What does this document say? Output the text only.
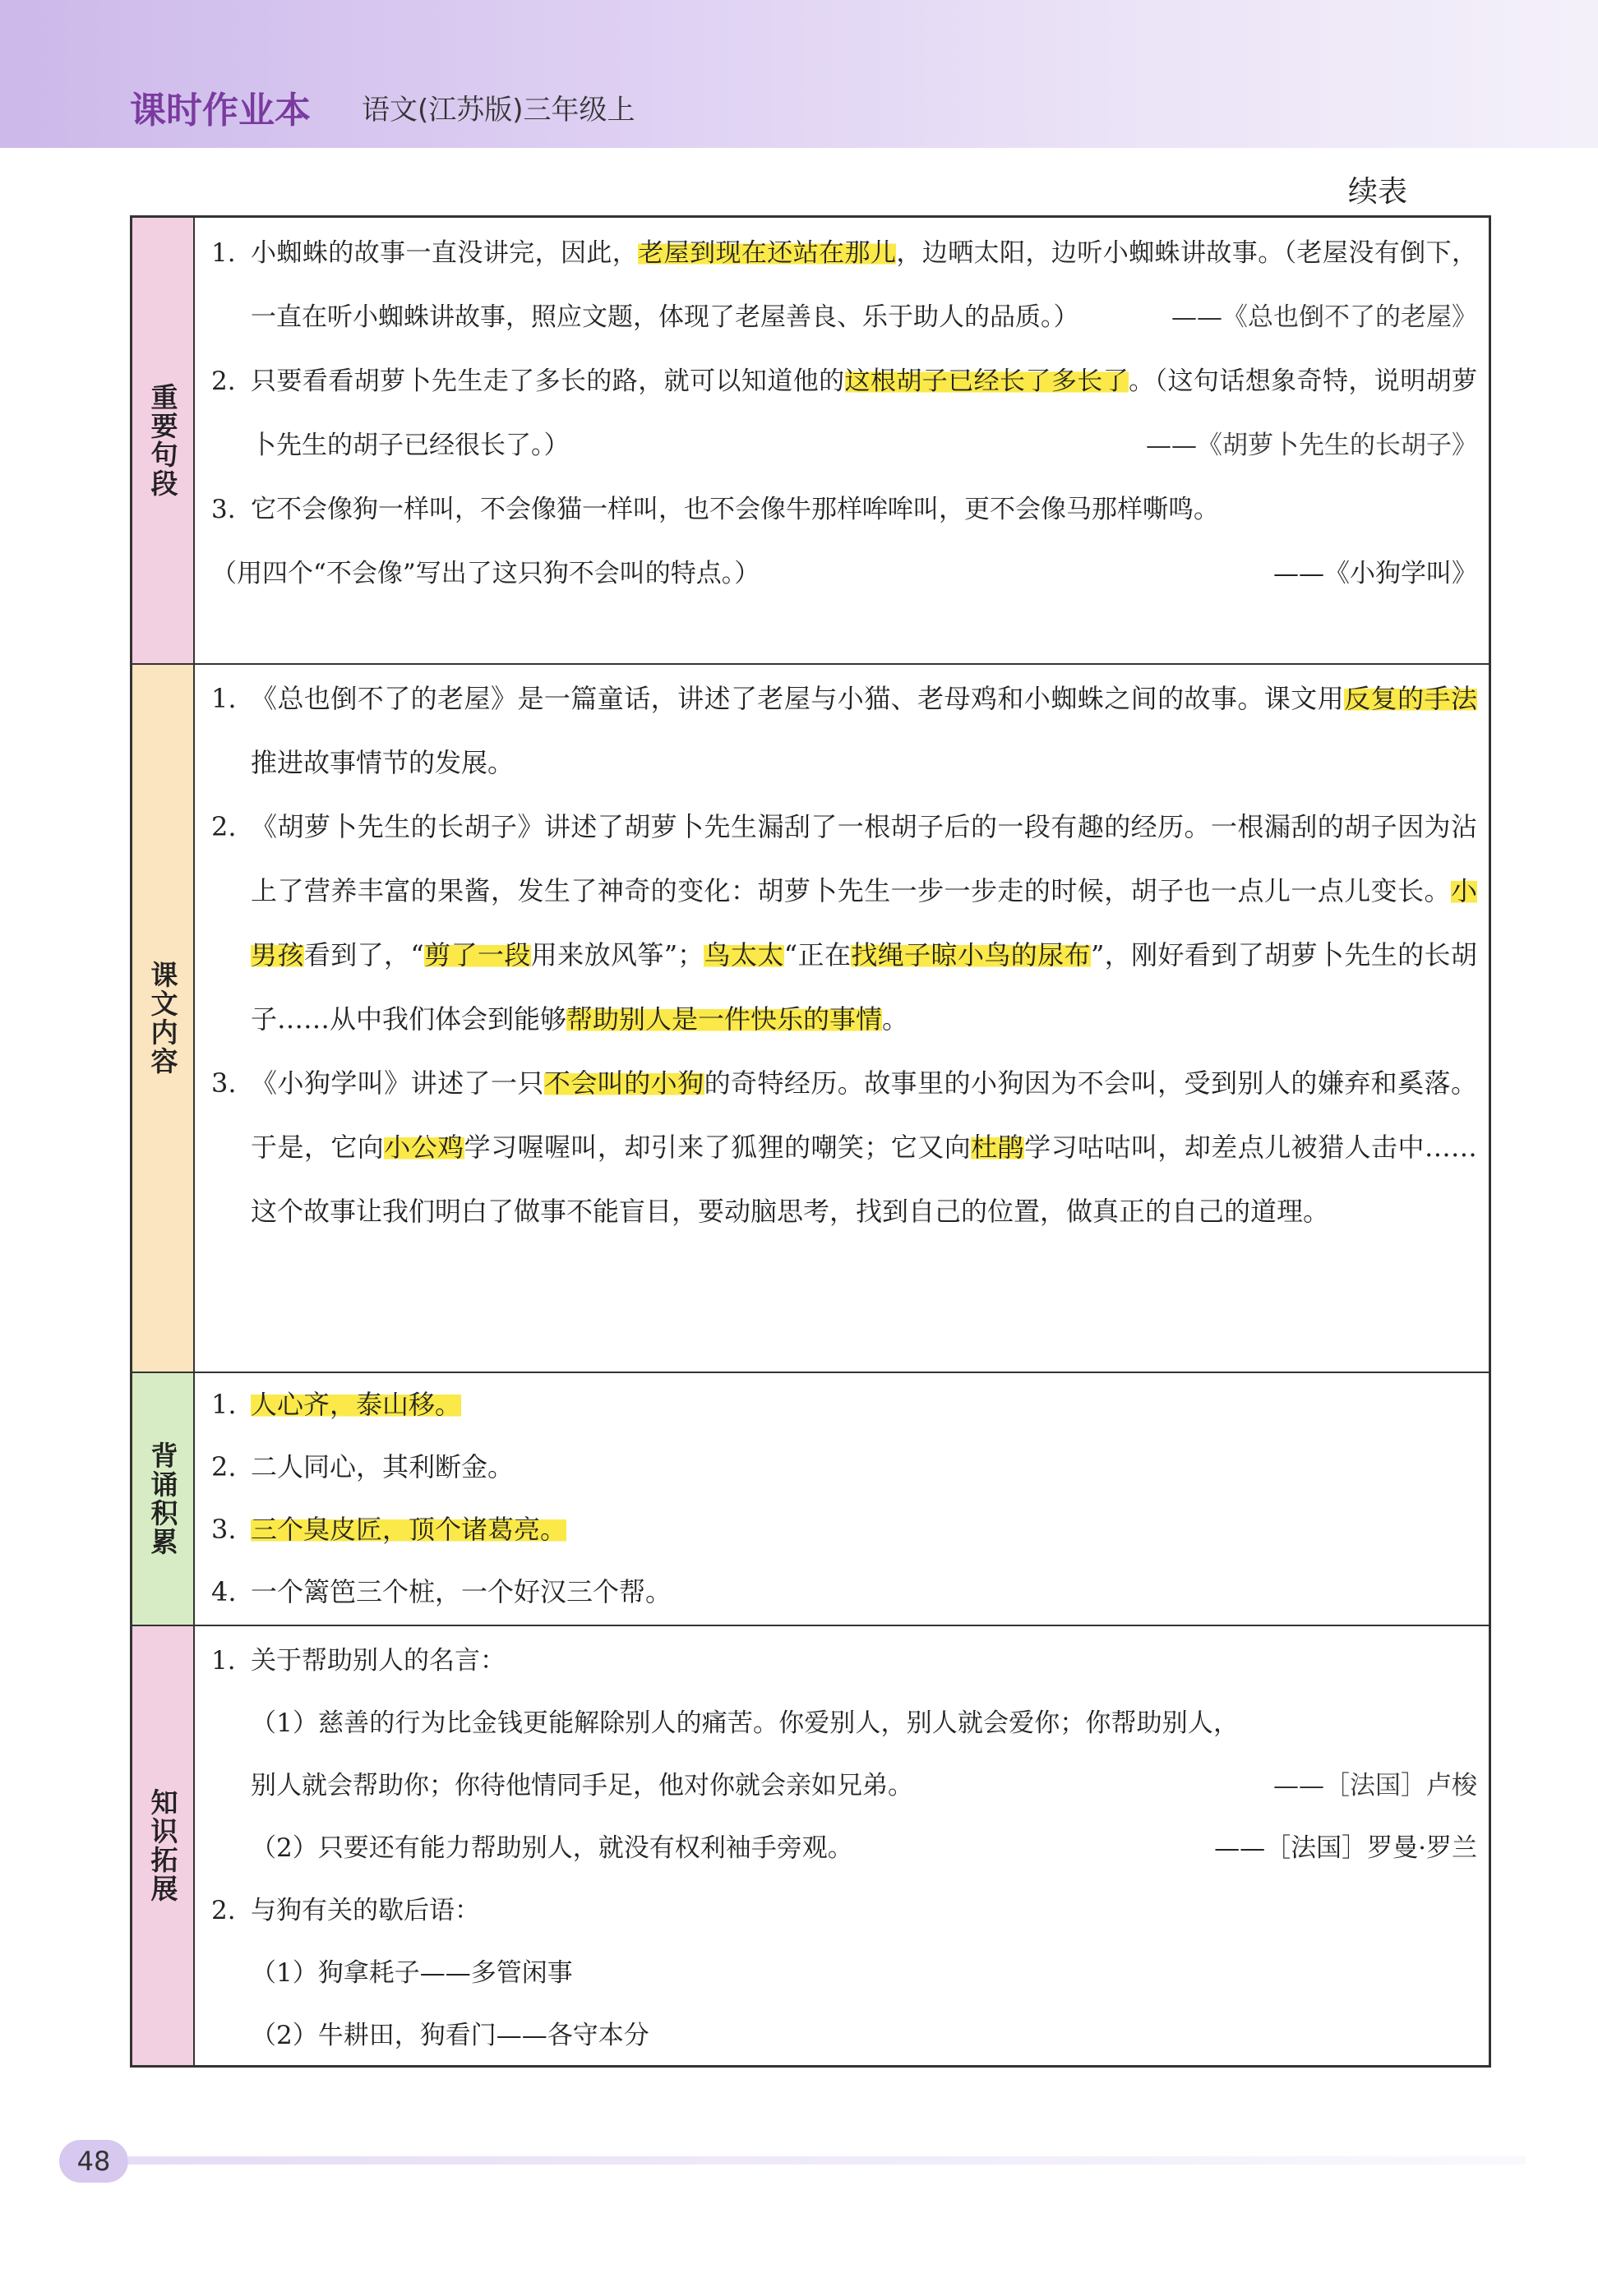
课时作业本 语文(江苏版)三年级上
续表
重要句段
1. 小蜘蛛的故事一直没讲完，因此，老屋到现在还站在那儿，边晒太阳，边听小蜘蛛讲故事。（老屋没有倒下，一直在听小蜘蛛讲故事，照应文题，体现了老屋善良、乐于助人的品质。）	——《总也倒不了的老屋》
2. 只要看看胡萝卜先生走了多长的路，就可以知道他的这根胡子已经长了多长了。（这句话想象奇特，说明胡萝卜先生的胡子已经很长了。）	——《胡萝卜先生的长胡子》
3. 它不会像狗一样叫，不会像猫一样叫，也不会像牛那样哞哞叫，更不会像马那样嘶鸣。
（用四个“不会像”写出了这只狗不会叫的特点。）	——《小狗学叫》
课文内容
1. 《总也倒不了的老屋》是一篇童话，讲述了老屋与小猫、老母鸡和小蜘蛛之间的故事。课文用反复的手法推进故事情节的发展。
2. 《胡萝卜先生的长胡子》讲述了胡萝卜先生漏刮了一根胡子后的一段有趣的经历。一根漏刮的胡子因为沾上了营养丰富的果酱，发生了神奇的变化：胡萝卜先生一步一步走的时候，胡子也一点儿一点儿变长。小男孩看到了，“剪了一段用来放风筝”；鸟太太“正在找绳子晾小鸟的尿布”，刚好看到了胡萝卜先生的长胡子……从中我们体会到能够帮助别人是一件快乐的事情。
3. 《小狗学叫》讲述了一只不会叫的小狗的奇特经历。故事里的小狗因为不会叫，受到别人的嫌弃和奚落。于是，它向小公鸡学习喔喔叫，却引来了狐狸的嘲笑；它又向杜鹃学习咕咕叫，却差点儿被猎人击中……这个故事让我们明白了做事不能盲目，要动脑思考，找到自己的位置，做真正的自己的道理。
背诵积累
1. 人心齐，泰山移。
2. 二人同心，其利断金。
3. 三个臭皮匠，顶个诸葛亮。
4. 一个篱笆三个桩，一个好汉三个帮。
知识拓展
1. 关于帮助别人的名言：
（1）慈善的行为比金钱更能解除别人的痛苦。你爱别人，别人就会爱你；你帮助别人，别人就会帮助你；你待他情同手足，他对你就会亲如兄弟。	——［法国］卢梭
（2）只要还有能力帮助别人，就没有权利袖手旁观。	——［法国］罗曼·罗兰
2. 与狗有关的歇后语：
（1）狗拿耗子——多管闲事
（2）牛耕田，狗看门——各守本分
48
